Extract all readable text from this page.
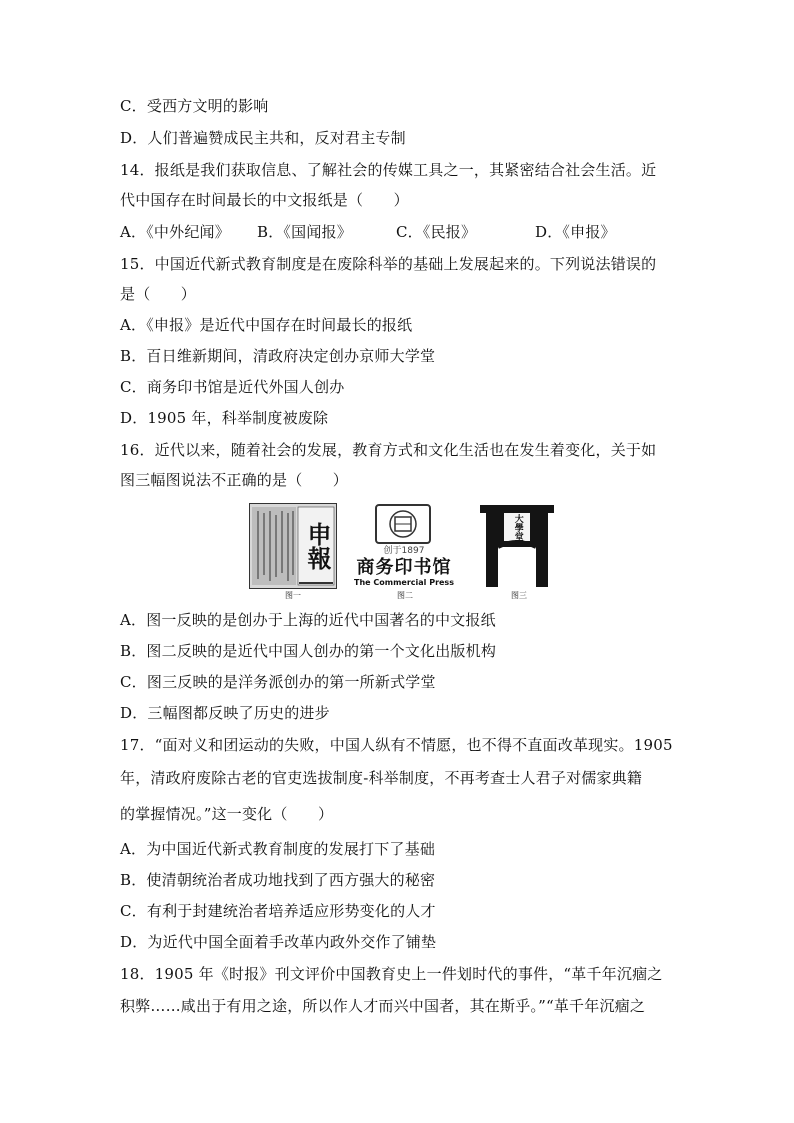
C．受西方文明的影响
D．人们普遍赞成民主共和，反对君主专制
14．报纸是我们获取信息、了解社会的传媒工具之一，其紧密结合社会生活。近
代中国存在时间最长的中文报纸是（　　）
A．《中外纪闻》 B．《国闻报》	C．《民报》	D．《申报》
15．中国近代新式教育制度是在废除科举的基础上发展起来的。下列说法错误的
是（　　）
A．《申报》是近代中国存在时间最长的报纸
B．百日维新期间，清政府决定创办京师大学堂
C．商务印书馆是近代外国人创办
D．1905 年，科举制度被废除
16．近代以来，随着社会的发展，教育方式和文化生活也在发生着变化，关于如
图三幅图说法不正确的是（　　）
申報
图一
创于1897
商务印书馆
The Commercial Press
图二
大學堂
图三
A．图一反映的是创办于上海的近代中国著名的中文报纸
B．图二反映的是近代中国人创办的第一个文化出版机构
C．图三反映的是洋务派创办的第一所新式学堂
D．三幅图都反映了历史的进步
17．“面对义和团运动的失败，中国人纵有不情愿，也不得不直面改革现实。1905
年，清政府废除古老的官吏选拔制度-科举制度，不再考查士人君子对儒家典籍
的掌握情况。”这一变化（　　）
A．为中国近代新式教育制度的发展打下了基础
B．使清朝统治者成功地找到了西方强大的秘密
C．有利于封建统治者培养适应形势变化的人才
D．为近代中国全面着手改革内政外交作了铺垫
18．1905 年《时报》刊文评价中国教育史上一件划时代的事件，“革千年沉痼之
积弊……咸出于有用之途，所以作人才而兴中国者，其在斯乎。”“革千年沉痼之
